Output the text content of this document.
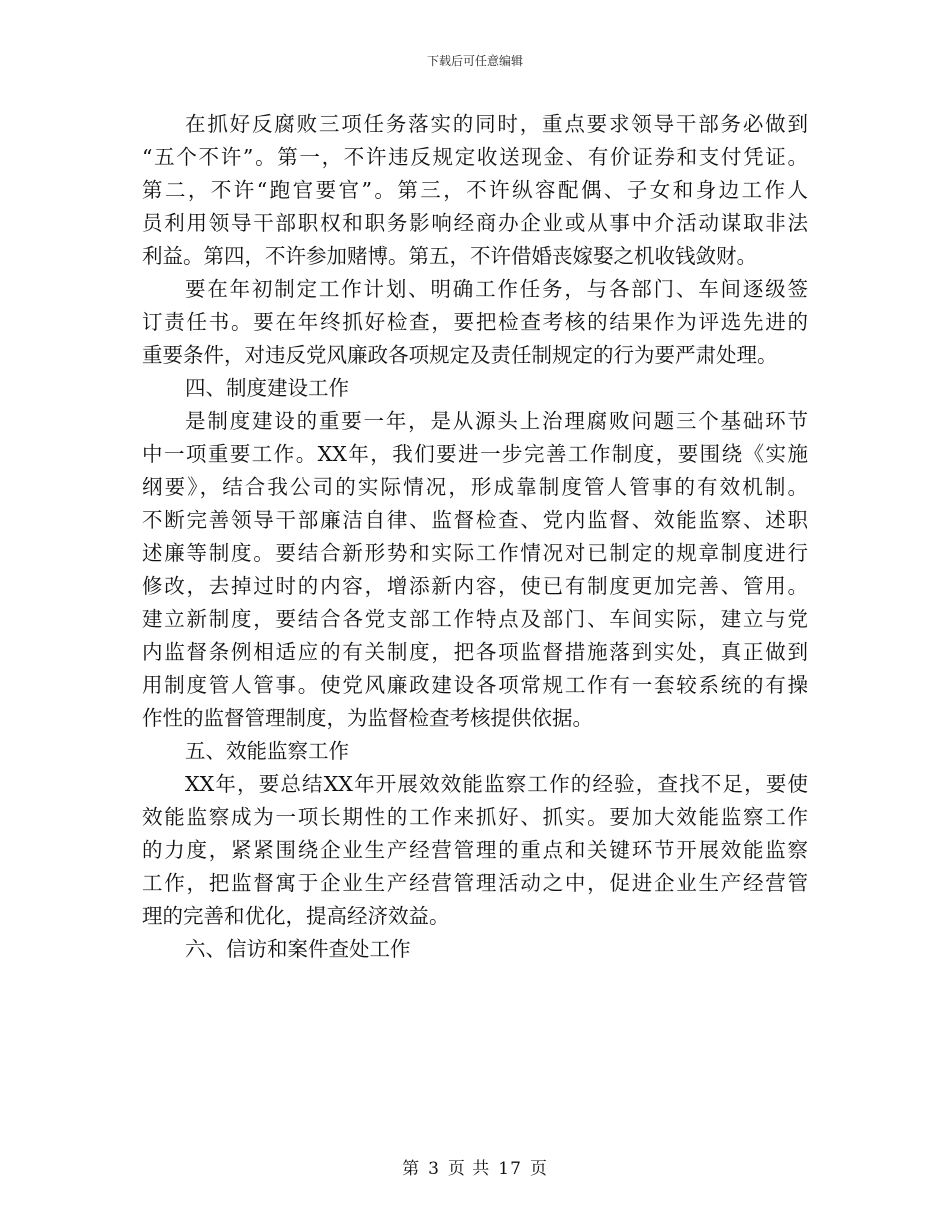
下载后可任意编辑
在抓好反腐败三项任务落实的同时，重点要求领导干部务必做到
“五个不许”。第一，不许违反规定收送现金、有价证券和支付凭证。
第二，不许“跑官要官”。第三，不许纵容配偶、子女和身边工作人
员利用领导干部职权和职务影响经商办企业或从事中介活动谋取非法
利益。第四，不许参加赌博。第五，不许借婚丧嫁娶之机收钱敛财。
要在年初制定工作计划、明确工作任务，与各部门、车间逐级签
订责任书。要在年终抓好检查，要把检查考核的结果作为评选先进的
重要条件，对违反党风廉政各项规定及责任制规定的行为要严肃处理。
四、制度建设工作
是制度建设的重要一年，是从源头上治理腐败问题三个基础环节
中一项重要工作。XX年，我们要进一步完善工作制度，要围绕《实施
纲要》，结合我公司的实际情况，形成靠制度管人管事的有效机制。
不断完善领导干部廉洁自律、监督检查、党内监督、效能监察、述职
述廉等制度。要结合新形势和实际工作情况对已制定的规章制度进行
修改，去掉过时的内容，增添新内容，使已有制度更加完善、管用。
建立新制度，要结合各党支部工作特点及部门、车间实际，建立与党
内监督条例相适应的有关制度，把各项监督措施落到实处，真正做到
用制度管人管事。使党风廉政建设各项常规工作有一套较系统的有操
作性的监督管理制度，为监督检查考核提供依据。
五、效能监察工作
XX年，要总结XX年开展效效能监察工作的经验，查找不足，要使
效能监察成为一项长期性的工作来抓好、抓实。要加大效能监察工作
的力度，紧紧围绕企业生产经营管理的重点和关键环节开展效能监察
工作，把监督寓于企业生产经营管理活动之中，促进企业生产经营管
理的完善和优化，提高经济效益。
六、信访和案件查处工作
第 3 页 共 17 页
